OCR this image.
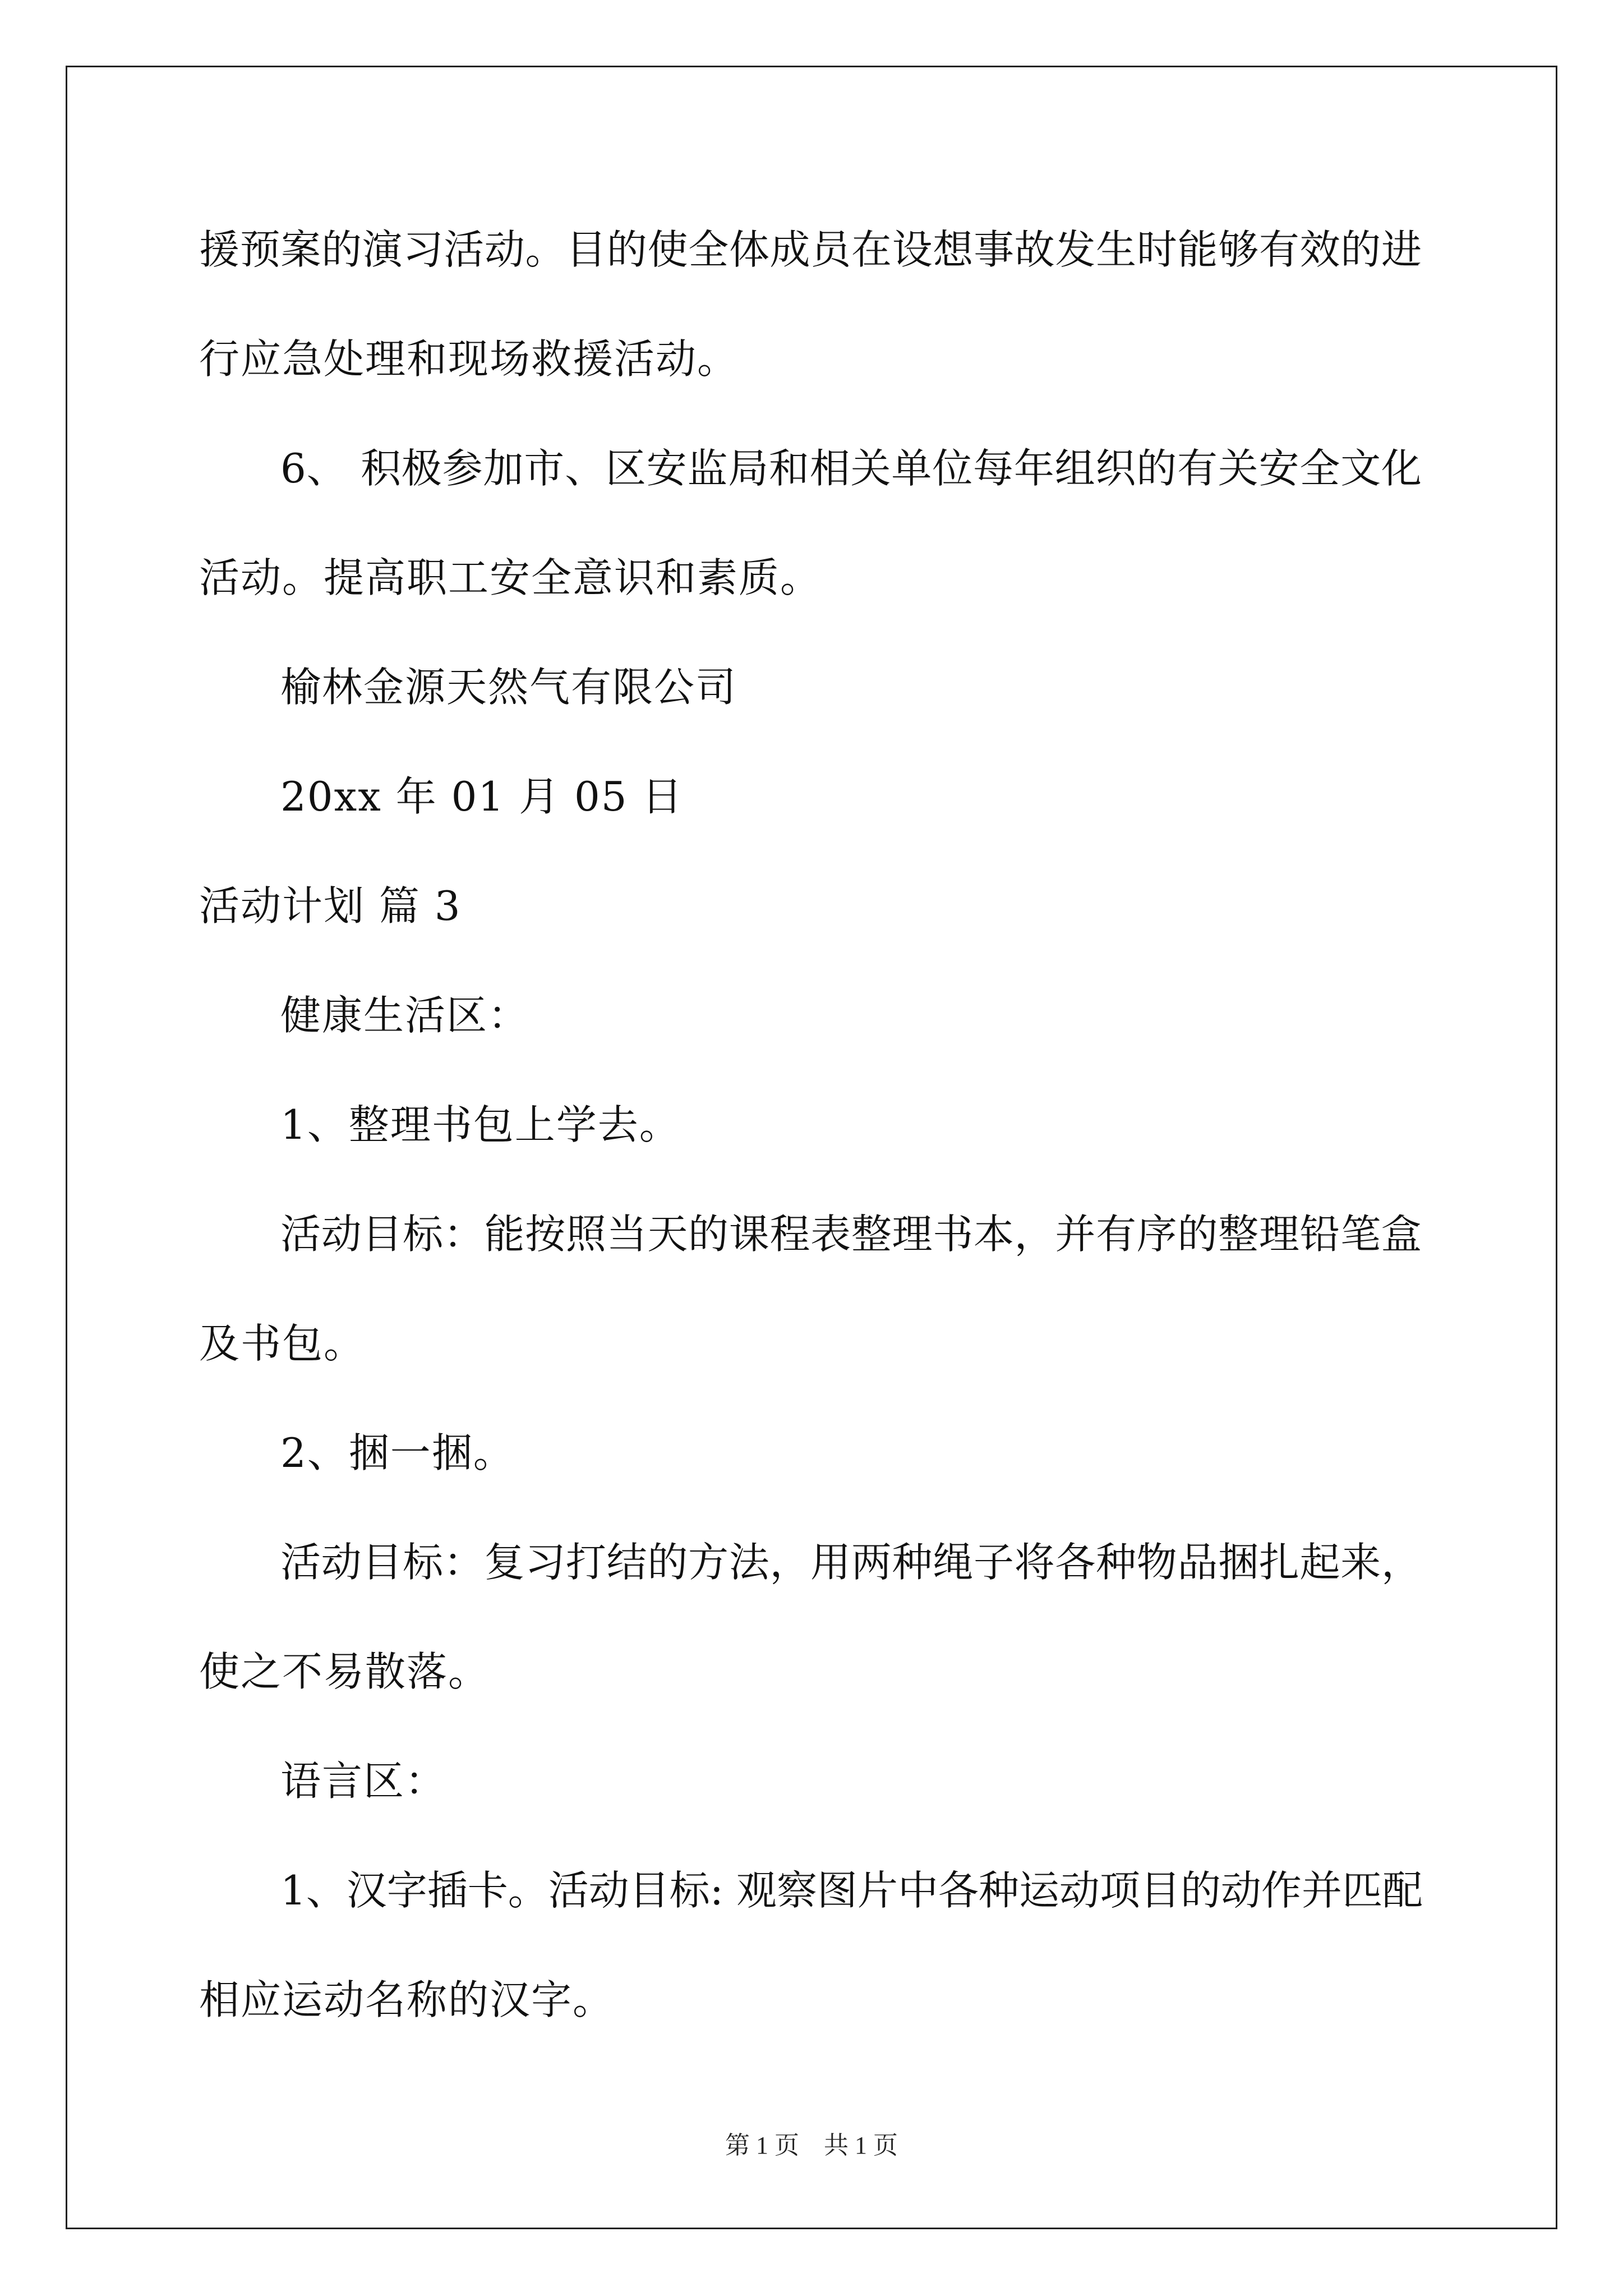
援预案的演习活动。目的使全体成员在设想事故发生时能够有效的进
行应急处理和现场救援活动。
6、 积极参加市、区安监局和相关单位每年组织的有关安全文化
活动。提高职工安全意识和素质。
榆林金源天然气有限公司
20xx 年 01 月 05 日
活动计划 篇 3
健康生活区：
1、整理书包上学去。
活动目标：能按照当天的课程表整理书本，并有序的整理铅笔盒
及书包。
2、捆一捆。
活动目标：复习打结的方法，用两种绳子将各种物品捆扎起来，
使之不易散落。
语言区：
1、汉字插卡。活动目标: 观察图片中各种运动项目的动作并匹配
相应运动名称的汉字。
第 1 页 共 1 页
